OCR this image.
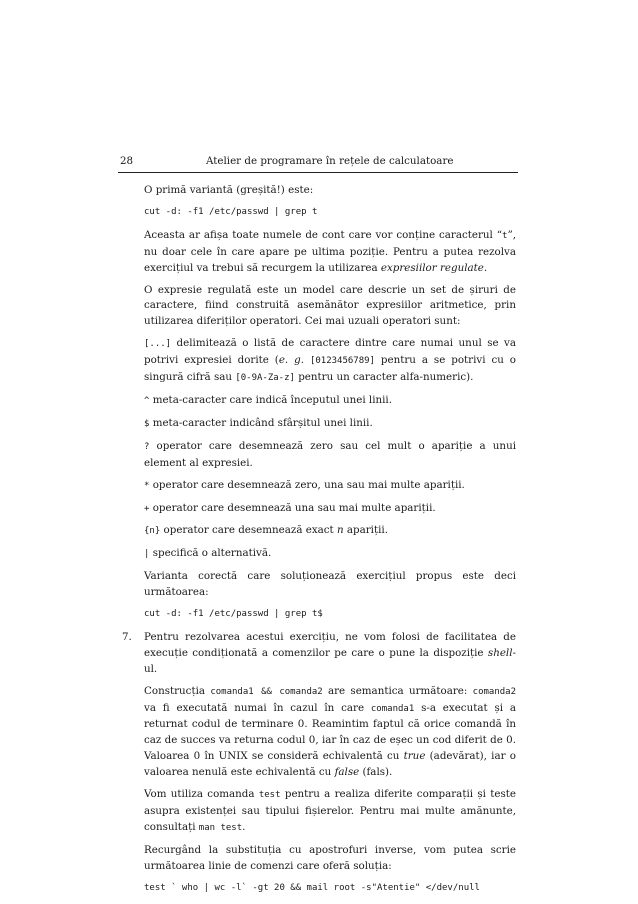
28	Atelier de programare în rețele de calculatoare

O primă variantă (greșită!) este:

cut -d: -f1 /etc/passwd | grep t

Aceasta ar afișa toate numele de cont care vor conține caracterul “t”, nu doar cele în care apare pe ultima poziție. Pentru a putea rezolva exercițiul va trebui să recurgem la utilizarea expresiilor regulate.

O expresie regulată este un model care descrie un set de șiruri de caractere, fiind construită asemănător expresiilor aritmetice, prin utilizarea diferiților operatori. Cei mai uzuali operatori sunt:

[...] delimitează o listă de caractere dintre care numai unul se va potrivi expresiei dorite (e. g. [0123456789] pentru a se potrivi cu o singură cifră sau [0-9A-Za-z] pentru un caracter alfa-numeric).

^ meta-caracter care indică începutul unei linii.

$ meta-caracter indicând sfârșitul unei linii.

? operator care desemnează zero sau cel mult o apariție a unui element al expresiei.

* operator care desemnează zero, una sau mai multe apariții.

+ operator care desemnează una sau mai multe apariții.

{n} operator care desemnează exact n apariții.

| specifică o alternativă.

Varianta corectă care soluționează exercițiul propus este deci următoarea:

cut -d: -f1 /etc/passwd | grep t$

7. Pentru rezolvarea acestui exercițiu, ne vom folosi de facilitatea de execuție condiționată a comenzilor pe care o pune la dispoziție shell-ul.

Construcția comanda1 && comanda2 are semantica următoare: comanda2 va fi executată numai în cazul în care comanda1 s-a executat și a returnat codul de terminare 0. Reamintim faptul că orice comandă în caz de succes va returna codul 0, iar în caz de eșec un cod diferit de 0. Valoarea 0 în UNIX se consideră echivalentă cu true (adevărat), iar o valoarea nenulă este echivalentă cu false (fals).

Vom utiliza comanda test pentru a realiza diferite comparații și teste asupra existenței sau tipului fișierelor. Pentru mai multe amănunte, consultați man test.

Recurgând la substituția cu apostrofuri inverse, vom putea scrie următoarea linie de comenzi care oferă soluția:

test ` who | wc -l` -gt 20 && mail root -s"Atentie" </dev/null
